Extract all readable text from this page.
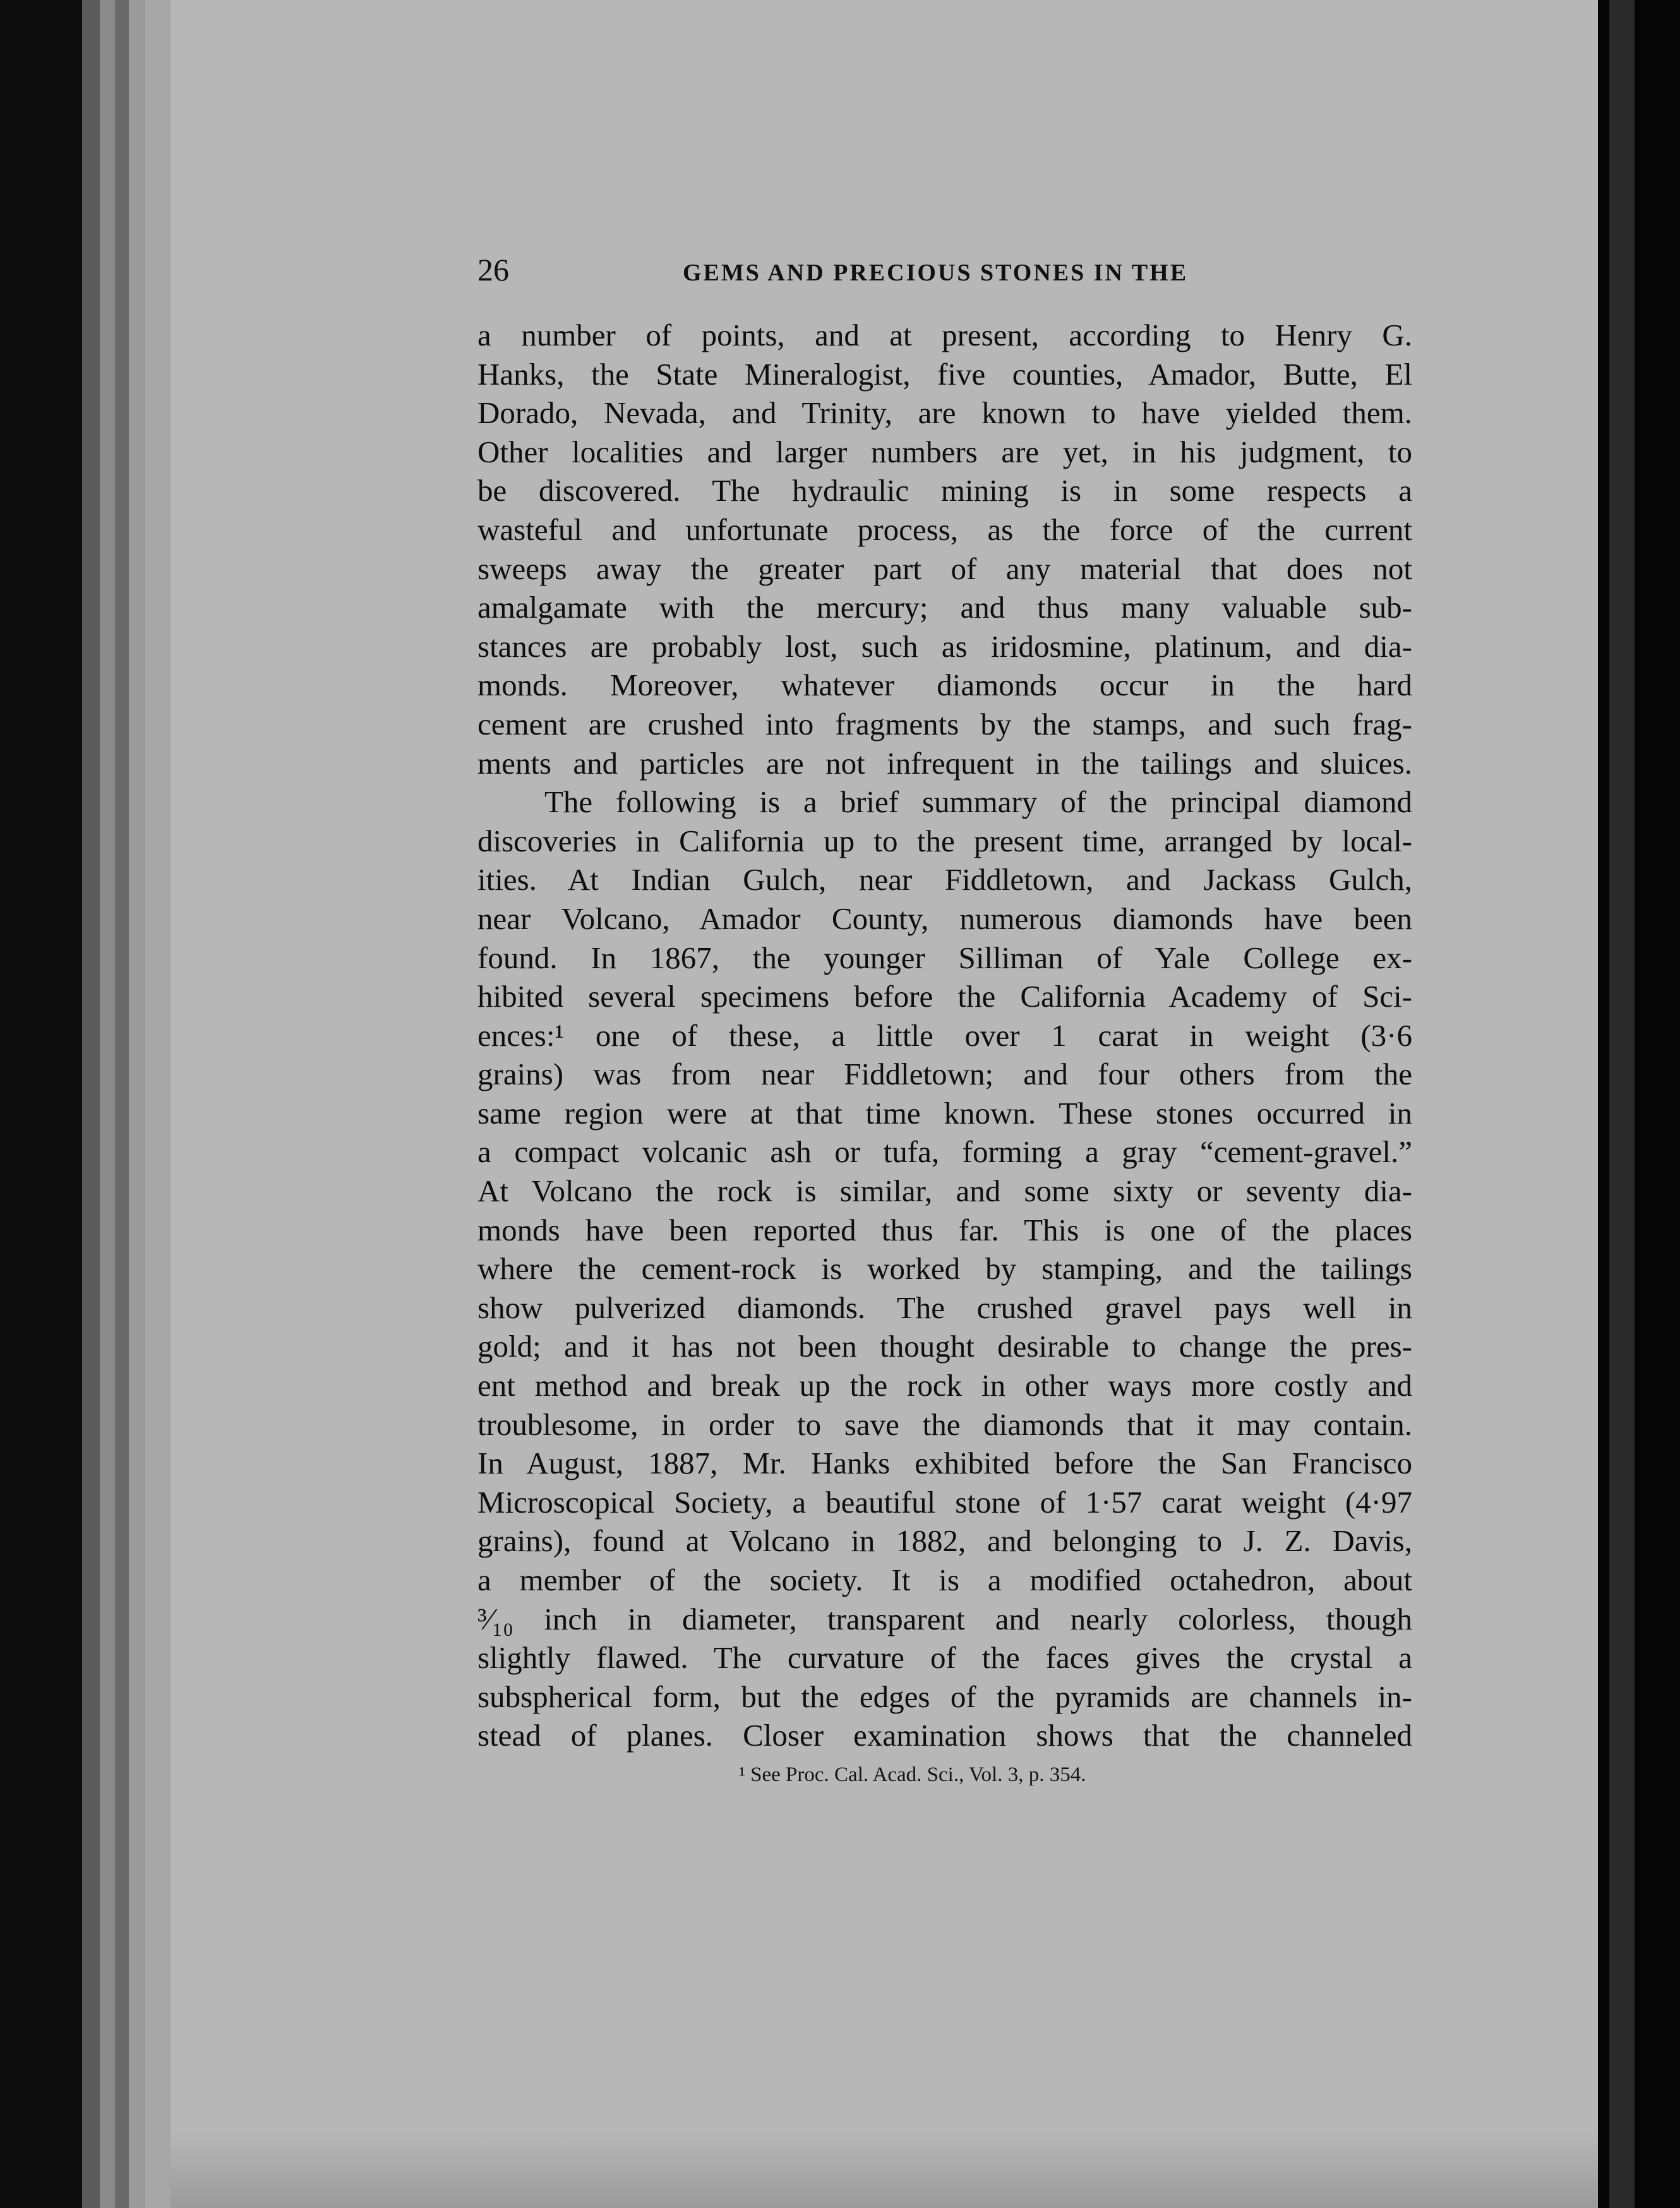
26	GEMS AND PRECIOUS STONES IN THE
a number of points, and at present, according to Henry G.
Hanks, the State Mineralogist, five counties, Amador, Butte, El
Dorado, Nevada, and Trinity, are known to have yielded them.
Other localities and larger numbers are yet, in his judgment, to
be discovered. The hydraulic mining is in some respects a
wasteful and unfortunate process, as the force of the current
sweeps away the greater part of any material that does not
amalgamate with the mercury; and thus many valuable sub-
stances are probably lost, such as iridosmine, platinum, and dia-
monds. Moreover, whatever diamonds occur in the hard
cement are crushed into fragments by the stamps, and such frag-
ments and particles are not infrequent in the tailings and sluices.
The following is a brief summary of the principal diamond
discoveries in California up to the present time, arranged by local-
ities. At Indian Gulch, near Fiddletown, and Jackass Gulch,
near Volcano, Amador County, numerous diamonds have been
found. In 1867, the younger Silliman of Yale College ex-
hibited several specimens before the California Academy of Sci-
ences:¹ one of these, a little over 1 carat in weight (3·6
grains) was from near Fiddletown; and four others from the
same region were at that time known. These stones occurred in
a compact volcanic ash or tufa, forming a gray “cement-gravel.”
At Volcano the rock is similar, and some sixty or seventy dia-
monds have been reported thus far. This is one of the places
where the cement-rock is worked by stamping, and the tailings
show pulverized diamonds. The crushed gravel pays well in
gold; and it has not been thought desirable to change the pres-
ent method and break up the rock in other ways more costly and
troublesome, in order to save the diamonds that it may contain.
In August, 1887, Mr. Hanks exhibited before the San Francisco
Microscopical Society, a beautiful stone of 1·57 carat weight (4·97
grains), found at Volcano in 1882, and belonging to J. Z. Davis,
a member of the society. It is a modified octahedron, about
³⁄₁₀ inch in diameter, transparent and nearly colorless, though
slightly flawed. The curvature of the faces gives the crystal a
subspherical form, but the edges of the pyramids are channels in-
stead of planes. Closer examination shows that the channeled
¹ See Proc. Cal. Acad. Sci., Vol. 3, p. 354.
